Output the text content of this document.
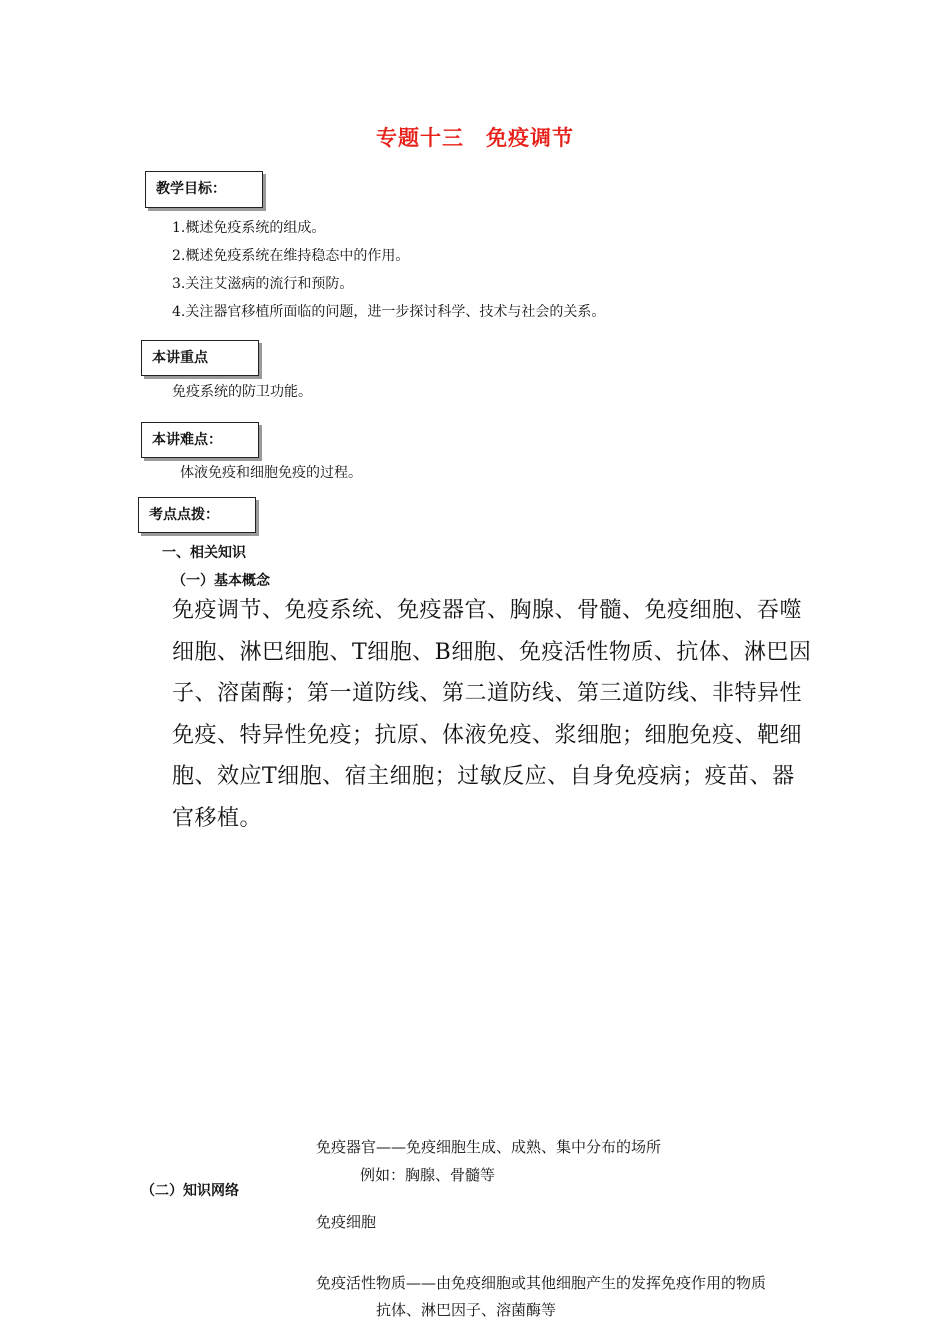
专题十三　免疫调节
教学目标：
1.概述免疫系统的组成。
2.概述免疫系统在维持稳态中的作用。
3.关注艾滋病的流行和预防。
4.关注器官移植所面临的问题，进一步探讨科学、技术与社会的关系。
本讲重点
免疫系统的防卫功能。
本讲难点：
体液免疫和细胞免疫的过程。
考点点拨：
一、相关知识
（一）基本概念

免疫调节、免疫系统、免疫器官、胸腺、骨髓、免疫细胞、吞噬

细胞、淋巴细胞、T细胞、B细胞、免疫活性物质、抗体、淋巴因

子、溶菌酶；第一道防线、第二道防线、第三道防线、非特异性

免疫、特异性免疫；抗原、体液免疫、浆细胞；细胞免疫、靶细

胞、效应T细胞、宿主细胞；过敏反应、自身免疫病；疫苗、器

官移植。

（二）知识网络
免疫器官——免疫细胞生成、成熟、集中分布的场所
例如：胸腺、骨髓等
免疫细胞
免疫活性物质——由免疫细胞或其他细胞产生的发挥免疫作用的物质
抗体、淋巴因子、溶菌酶等
